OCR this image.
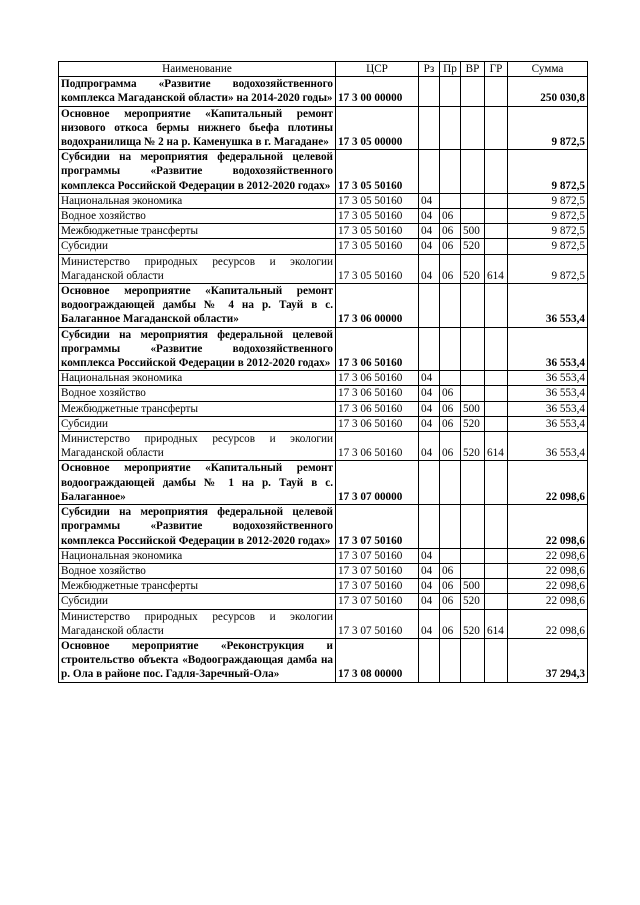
Наименование	ЦСР	Рз	Пр	ВР	ГР	Сумма
Подпрограмма «Развитие водохозяйственного комплекса Магаданской области» на 2014-2020 годы»	17 3 00 00000					250 030,8
Основное мероприятие «Капитальный ремонт низового откоса бермы нижнего бьефа плотины водохранилища № 2 на р. Каменушка в г. Магадане»	17 3 05 00000					9 872,5
Субсидии на мероприятия федеральной целевой программы «Развитие водохозяйственного комплекса Российской Федерации в 2012-2020 годах»	17 3 05 50160					9 872,5
Национальная экономика	17 3 05 50160	04				9 872,5
Водное хозяйство	17 3 05 50160	04	06			9 872,5
Межбюджетные трансферты	17 3 05 50160	04	06	500		9 872,5
Субсидии	17 3 05 50160	04	06	520		9 872,5
Министерство природных ресурсов и экологии Магаданской области	17 3 05 50160	04	06	520	614	9 872,5
Основное мероприятие «Капитальный ремонт водоограждающей дамбы № 4 на р. Тауй в с. Балаганное Магаданской области»	17 3 06 00000					36 553,4
Субсидии на мероприятия федеральной целевой программы «Развитие водохозяйственного комплекса Российской Федерации в 2012-2020 годах»	17 3 06 50160					36 553,4
Национальная экономика	17 3 06 50160	04				36 553,4
Водное хозяйство	17 3 06 50160	04	06			36 553,4
Межбюджетные трансферты	17 3 06 50160	04	06	500		36 553,4
Субсидии	17 3 06 50160	04	06	520		36 553,4
Министерство природных ресурсов и экологии Магаданской области	17 3 06 50160	04	06	520	614	36 553,4
Основное мероприятие «Капитальный ремонт водоограждающей дамбы № 1 на р. Тауй в с. Балаганное»	17 3 07 00000					22 098,6
Субсидии на мероприятия федеральной целевой программы «Развитие водохозяйственного комплекса Российской Федерации в 2012-2020 годах»	17 3 07 50160					22 098,6
Национальная экономика	17 3 07 50160	04				22 098,6
Водное хозяйство	17 3 07 50160	04	06			22 098,6
Межбюджетные трансферты	17 3 07 50160	04	06	500		22 098,6
Субсидии	17 3 07 50160	04	06	520		22 098,6
Министерство природных ресурсов и экологии Магаданской области	17 3 07 50160	04	06	520	614	22 098,6
Основное мероприятие «Реконструкция и строительство объекта «Водоограждающая дамба на р. Ола в районе пос. Гадля-Заречный-Ола»	17 3 08 00000					37 294,3
